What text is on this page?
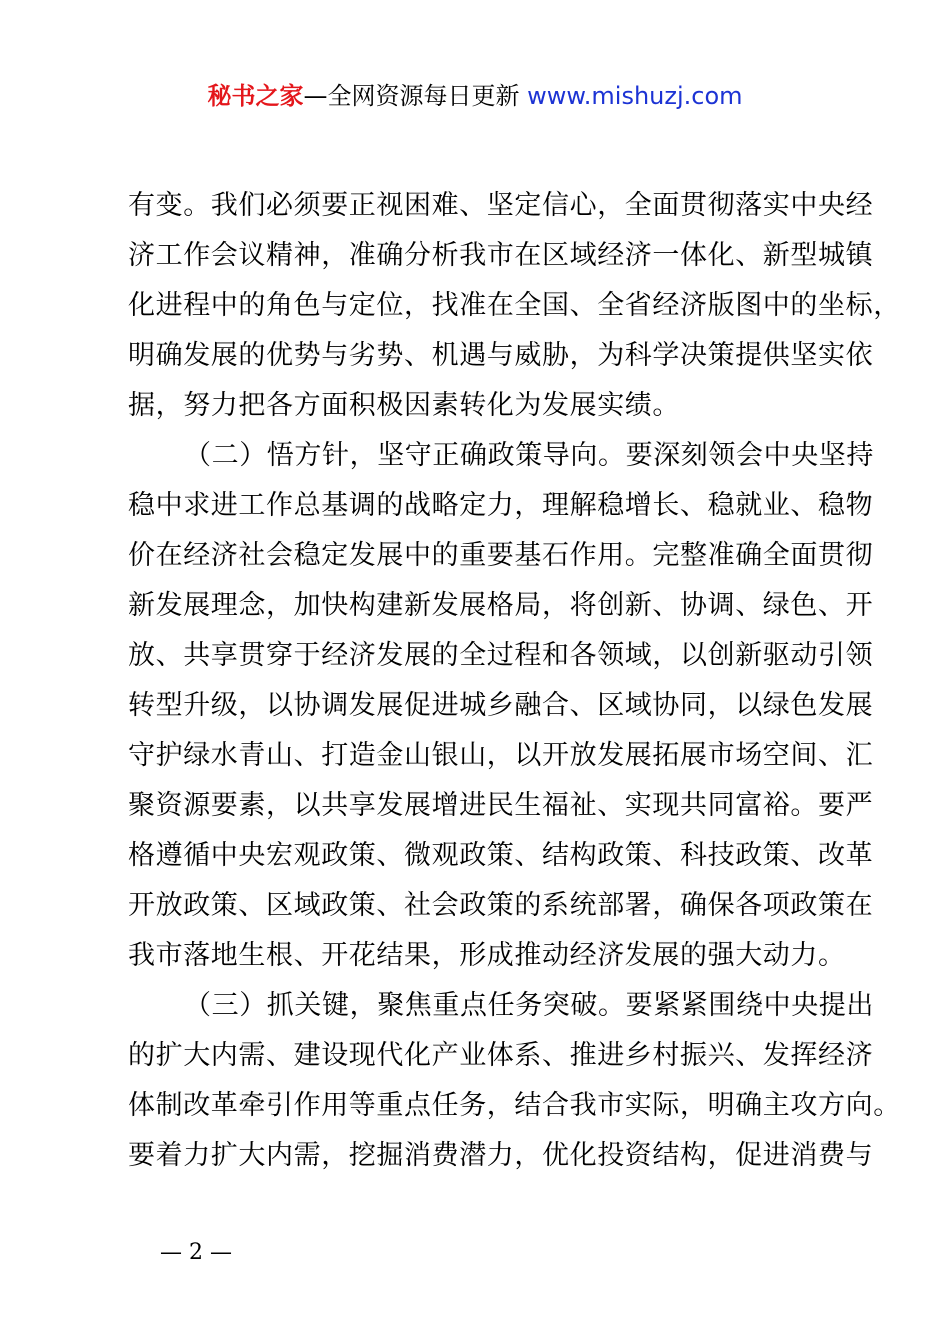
秘书之家—全网资源每日更新 www.mishuzj.com
有变。我们必须要正视困难、坚定信心，全面贯彻落实中央经
济工作会议精神，准确分析我市在区域经济一体化、新型城镇
化进程中的角色与定位，找准在全国、全省经济版图中的坐标，
明确发展的优势与劣势、机遇与威胁，为科学决策提供坚实依
据，努力把各方面积极因素转化为发展实绩。
（二）悟方针，坚守正确政策导向。要深刻领会中央坚持
稳中求进工作总基调的战略定力，理解稳增长、稳就业、稳物
价在经济社会稳定发展中的重要基石作用。完整准确全面贯彻
新发展理念，加快构建新发展格局，将创新、协调、绿色、开
放、共享贯穿于经济发展的全过程和各领域，以创新驱动引领
转型升级，以协调发展促进城乡融合、区域协同，以绿色发展
守护绿水青山、打造金山银山，以开放发展拓展市场空间、汇
聚资源要素，以共享发展增进民生福祉、实现共同富裕。要严
格遵循中央宏观政策、微观政策、结构政策、科技政策、改革
开放政策、区域政策、社会政策的系统部署，确保各项政策在
我市落地生根、开花结果，形成推动经济发展的强大动力。
（三）抓关键，聚焦重点任务突破。要紧紧围绕中央提出
的扩大内需、建设现代化产业体系、推进乡村振兴、发挥经济
体制改革牵引作用等重点任务，结合我市实际，明确主攻方向。
要着力扩大内需，挖掘消费潜力，优化投资结构，促进消费与
— 2 —
